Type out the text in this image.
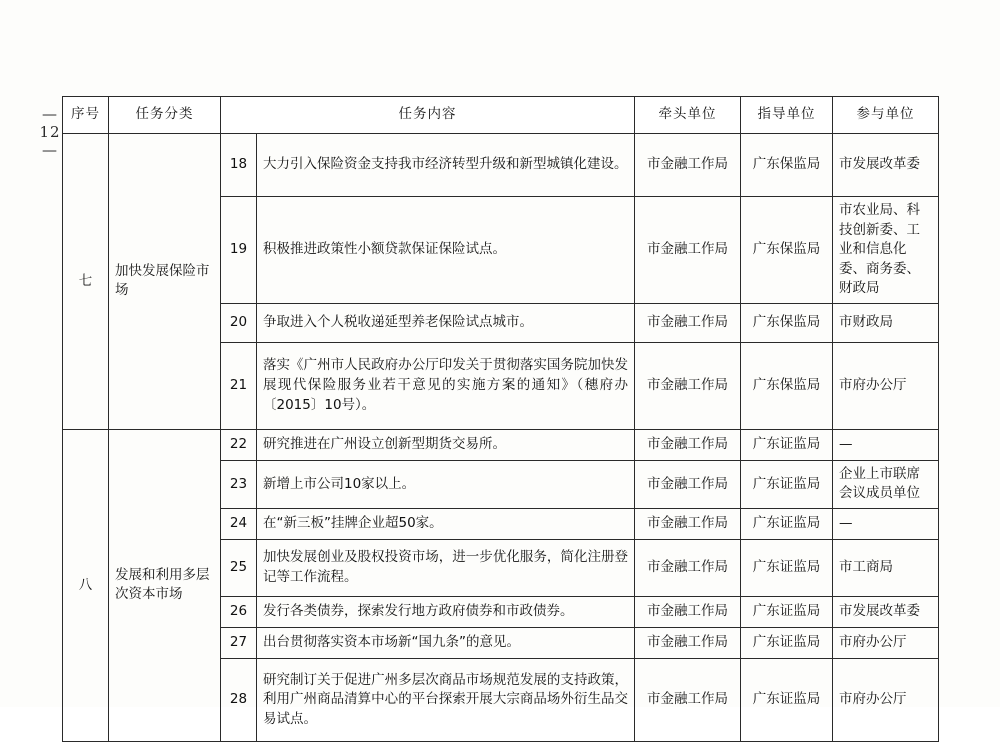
— 12 —
序号	任务分类	任务内容		牵头单位	指导单位	参与单位
七	加快发展保险市场	18	大力引入保险资金支持我市经济转型升级和新型城镇化建设。	市金融工作局	广东保监局	市发展改革委
		19	积极推进政策性小额贷款保证保险试点。	市金融工作局	广东保监局	市农业局、科技创新委、工业和信息化委、商务委、财政局
		20	争取进入个人税收递延型养老保险试点城市。	市金融工作局	广东保监局	市财政局
		21	落实《广州市人民政府办公厅印发关于贯彻落实国务院加快发展现代保险服务业若干意见的实施方案的通知》（穗府办〔2015〕10号）。	市金融工作局	广东保监局	市府办公厅
八	发展和利用多层次资本市场	22	研究推进在广州设立创新型期货交易所。	市金融工作局	广东证监局	—
		23	新增上市公司10家以上。	市金融工作局	广东证监局	企业上市联席会议成员单位
		24	在“新三板”挂牌企业超50家。	市金融工作局	广东证监局	—
		25	加快发展创业及股权投资市场，进一步优化服务，简化注册登记等工作流程。	市金融工作局	广东证监局	市工商局
		26	发行各类债券，探索发行地方政府债券和市政债券。	市金融工作局	广东证监局	市发展改革委
		27	出台贯彻落实资本市场新“国九条”的意见。	市金融工作局	广东证监局	市府办公厅
		28	研究制订关于促进广州多层次商品市场规范发展的支持政策，利用广州商品清算中心的平台探索开展大宗商品场外衍生品交易试点。	市金融工作局	广东证监局	市府办公厅
